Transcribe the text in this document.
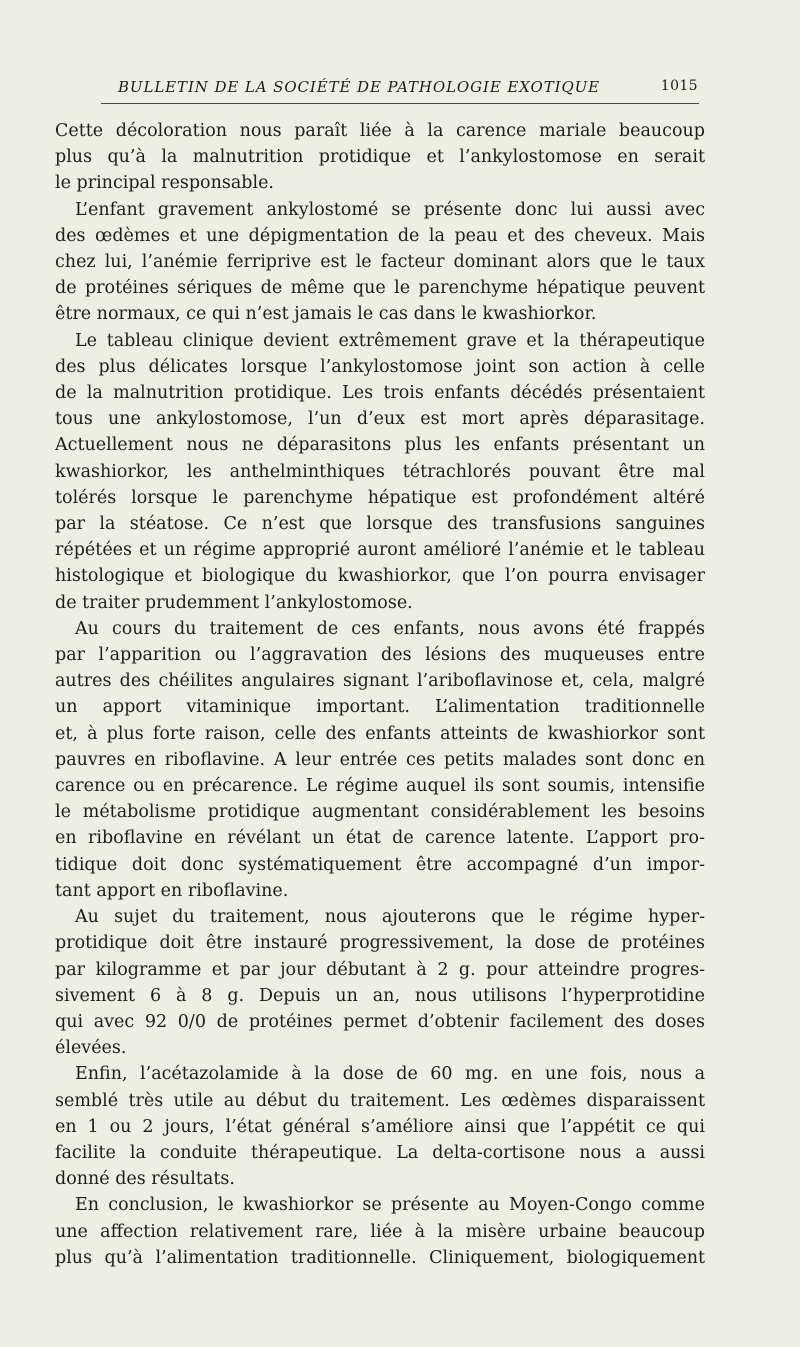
BULLETIN DE LA SOCIÉTÉ DE PATHOLOGIE EXOTIQUE	1015
Cette décoloration nous paraît liée à la carence mariale beaucoup
plus qu’à la malnutrition protidique et l’ankylostomose en serait
le principal responsable.
L’enfant gravement ankylostomé se présente donc lui aussi avec
des œdèmes et une dépigmentation de la peau et des cheveux. Mais
chez lui, l’anémie ferriprive est le facteur dominant alors que le taux
de protéines sériques de même que le parenchyme hépatique peuvent
être normaux, ce qui n’est jamais le cas dans le kwashiorkor.
Le tableau clinique devient extrêmement grave et la thérapeutique
des plus délicates lorsque l’ankylostomose joint son action à celle
de la malnutrition protidique. Les trois enfants décédés présentaient
tous une ankylostomose, l’un d’eux est mort après déparasitage.
Actuellement nous ne déparasitons plus les enfants présentant un
kwashiorkor, les anthelminthiques tétrachlorés pouvant être mal
tolérés lorsque le parenchyme hépatique est profondément altéré
par la stéatose. Ce n’est que lorsque des transfusions sanguines
répétées et un régime approprié auront amélioré l’anémie et le tableau
histologique et biologique du kwashiorkor, que l’on pourra envisager
de traiter prudemment l’ankylostomose.
Au cours du traitement de ces enfants, nous avons été frappés
par l’apparition ou l’aggravation des lésions des muqueuses entre
autres des chéilites angulaires signant l’ariboflavinose et, cela, malgré
un apport vitaminique important. L’alimentation traditionnelle
et, à plus forte raison, celle des enfants atteints de kwashiorkor sont
pauvres en riboflavine. A leur entrée ces petits malades sont donc en
carence ou en précarence. Le régime auquel ils sont soumis, intensifie
le métabolisme protidique augmentant considérablement les besoins
en riboflavine en révélant un état de carence latente. L’apport pro-
tidique doit donc systématiquement être accompagné d’un impor-
tant apport en riboflavine.
Au sujet du traitement, nous ajouterons que le régime hyper-
protidique doit être instauré progressivement, la dose de protéines
par kilogramme et par jour débutant à 2 g. pour atteindre progres-
sivement 6 à 8 g. Depuis un an, nous utilisons l’hyperprotidine
qui avec 92 0/0 de protéines permet d’obtenir facilement des doses
élevées.
Enfin, l’acétazolamide à la dose de 60 mg. en une fois, nous a
semblé très utile au début du traitement. Les œdèmes disparaissent
en 1 ou 2 jours, l’état général s’améliore ainsi que l’appétit ce qui
facilite la conduite thérapeutique. La delta-cortisone nous a aussi
donné des résultats.
En conclusion, le kwashiorkor se présente au Moyen-Congo comme
une affection relativement rare, liée à la misère urbaine beaucoup
plus qu’à l’alimentation traditionnelle. Cliniquement, biologiquement
